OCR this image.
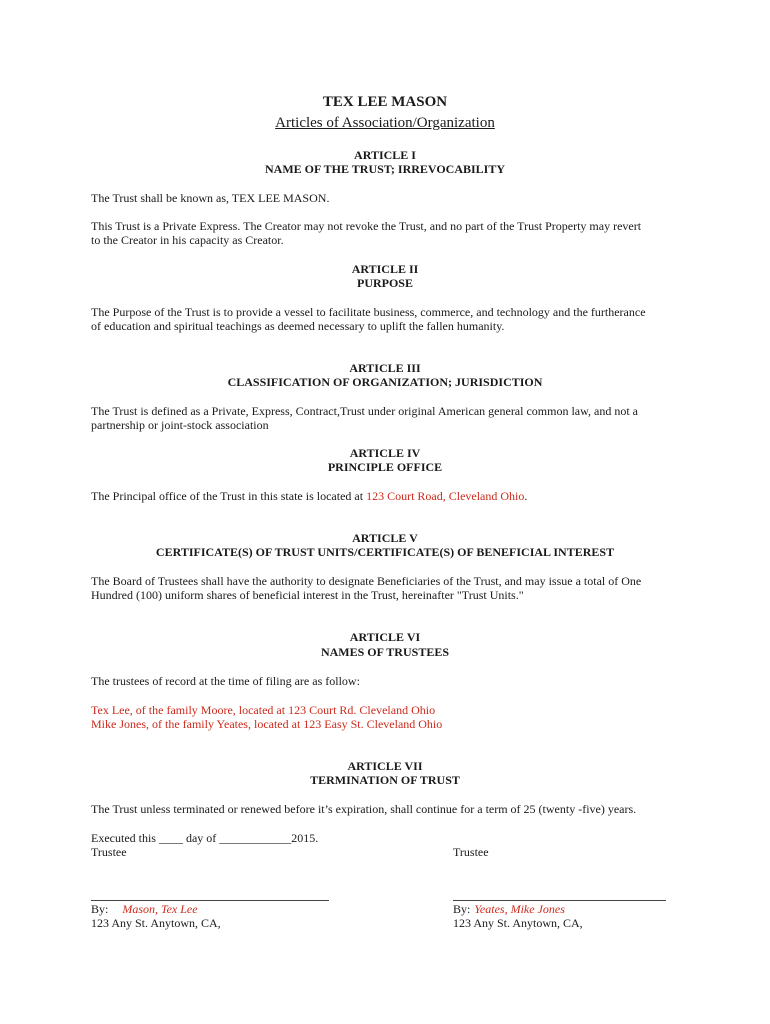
TEX LEE MASON
Articles of Association/Organization
ARTICLE I
NAME OF THE TRUST; IRREVOCABILITY
The Trust shall be known as, TEX LEE MASON.
This Trust is a Private Express. The Creator may not revoke the Trust, and no part of the Trust Property may revert
to the Creator in his capacity as Creator.
ARTICLE II
PURPOSE
The Purpose of the Trust is to provide a vessel to facilitate business, commerce, and technology and the furtherance
of education and spiritual teachings as deemed necessary to uplift the fallen humanity.
ARTICLE III
CLASSIFICATION OF ORGANIZATION; JURISDICTION
The Trust is defined as a Private, Express, Contract,Trust under original American general common law, and not a
partnership or joint-stock association
ARTICLE IV
PRINCIPLE OFFICE
The Principal office of the Trust in this state is located at 123 Court Road, Cleveland Ohio.
ARTICLE V
CERTIFICATE(S) OF TRUST UNITS/CERTIFICATE(S) OF BENEFICIAL INTEREST
The Board of Trustees shall have the authority to designate Beneficiaries of the Trust, and may issue a total of One
Hundred (100) uniform shares of beneficial interest in the Trust, hereinafter "Trust Units."
ARTICLE VI
NAMES OF TRUSTEES
The trustees of record at the time of filing are as follow:
Tex Lee, of the family Moore, located at 123 Court Rd. Cleveland Ohio
Mike Jones, of the family Yeates, located at 123 Easy St. Cleveland Ohio
ARTICLE VII
TERMINATION OF TRUST
The Trust unless terminated or renewed before it’s expiration, shall continue for a term of 25 (twenty -five) years.
Executed this ____ day of ____________2015.
Trustee	Trustee
By: Mason, Tex Lee	By: Yeates, Mike Jones
123 Any St. Anytown, CA,	123 Any St. Anytown, CA,
